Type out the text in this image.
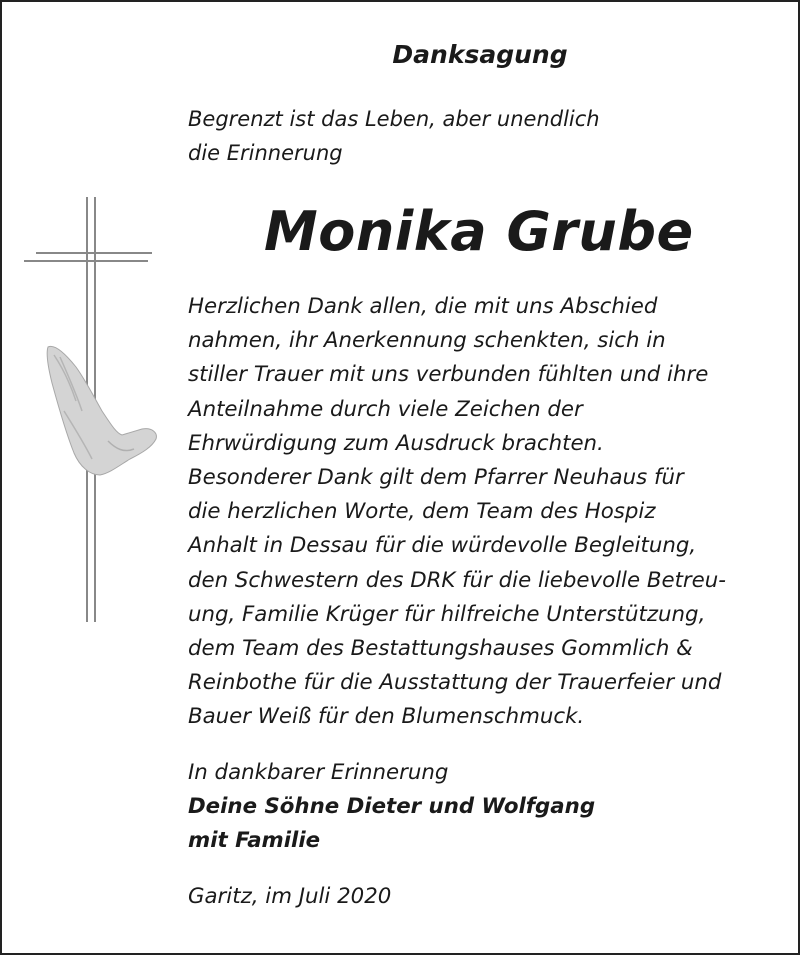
Danksagung
Begrenzt ist das Leben, aber unendlich
die Erinnerung
Monika Grube
Herzlichen Dank allen, die mit uns Abschied
nahmen, ihr Anerkennung schenkten, sich in
stiller Trauer mit uns verbunden fühlten und ihre
Anteilnahme durch viele Zeichen der
Ehrwürdigung zum Ausdruck brachten.
Besonderer Dank gilt dem Pfarrer Neuhaus für
die herzlichen Worte, dem Team des Hospiz
Anhalt in Dessau für die würdevolle Begleitung,
den Schwestern des DRK für die liebevolle Betreu-
ung, Familie Krüger für hilfreiche Unterstützung,
dem Team des Bestattungshauses Gommlich &
Reinbothe für die Ausstattung der Trauerfeier und
Bauer Weiß für den Blumenschmuck.
In dankbarer Erinnerung
Deine Söhne Dieter und Wolfgang
mit Familie
Garitz, im Juli 2020
